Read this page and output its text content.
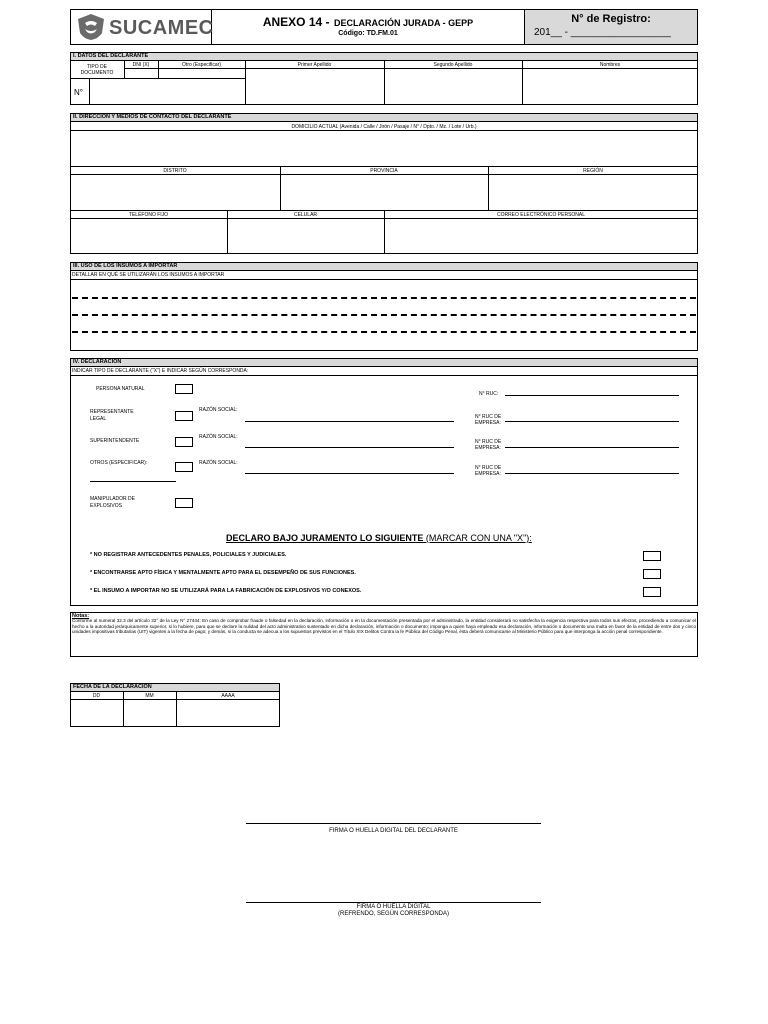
SUCAMEC	ANEXO 14 - DECLARACIÓN JURADA - GEPP
Código: TD.FM.01
N° de Registro:
201__ - __________________
I. DATOS DEL DECLARANTE
TIPO DE DOCUMENTO
DNI (X)	Otro (Especificar)	Primer Apellido	Segundo Apellido	Nombres
N°
II. DIRECCIÓN Y MEDIOS DE CONTACTO DEL DECLARANTE
DOMICILIO ACTUAL (Avenida / Calle / Jirón / Pasaje / N° / Dpto. / Mz. / Lote / Urb.)
DISTRITO	PROVINCIA	REGIÓN
TELÉFONO FIJO	CELULAR	CORREO ELECTRÓNICO PERSONAL
III. USO DE LOS INSUMOS A IMPORTAR
DETALLAR EN QUÉ SE UTILIZARÁN LOS INSUMOS A IMPORTAR
IV. DECLARACIÓN
INDICAR TIPO DE DECLARANTE ("X") E INDICAR SEGÚN CORRESPONDA:
PERSONA NATURAL
N° RUC:
REPRESENTANTE
LEGAL
RAZÓN SOCIAL:
N° RUC DE
EMPRESA:
SUPERINTENDENTE
RAZÓN SOCIAL:
N° RUC DE
EMPRESA:
OTROS (ESPECIFICAR):	RAZÓN SOCIAL:
N° RUC DE
EMPRESA:
MANIPULADOR DE
EXPLOSIVOS
DECLARO BAJO JURAMENTO LO SIGUIENTE (MARCAR CON UNA "X"):
* NO REGISTRAR ANTECEDENTES PENALES, POLICIALES Y JUDICIALES.
* ENCONTRARSE APTO FÍSICA Y MENTALMENTE APTO PARA EL DESEMPEÑO DE SUS FUNCIONES.
* EL INSUMO A IMPORTAR NO SE UTILIZARÁ PARA LA FABRICACIÓN DE EXPLOSIVOS Y/O CONEXOS.
Notas:
Conforme al numeral 32.3 del artículo 32° de la Ley N° 27444: En caso de comprobar fraude o falsedad en la declaración, información o en la documentación presentada por el administrado, la entidad considerará no satisfecha la exigencia respectiva para todos sus efectos, procediendo a comunicar el hecho a la autoridad jerárquicamente superior, si lo hubiere, para que se declare la nulidad del acto administrativo sustentado en dicha declaración, información o documento; imponga a quien haya empleado esa declaración, información o documento una multa en favor de la entidad de entre dos y cinco unidades impositivas tributarias (UIT) vigentes a la fecha de pago; y demás, si la conducta se adecua a los supuestos previstos en el Título XIX Delitos Contra la fe Pública del Código Penal, ésta deberá comunicarse al Ministerio Público para que interponga la acción penal correspondiente.
FECHA DE LA DECLARACIÓN
DD	MM	AAAA
FIRMA O HUELLA DIGITAL DEL DECLARANTE
FIRMA O HUELLA DIGITAL
(REFRENDO, SEGÚN CORRESPONDA)
